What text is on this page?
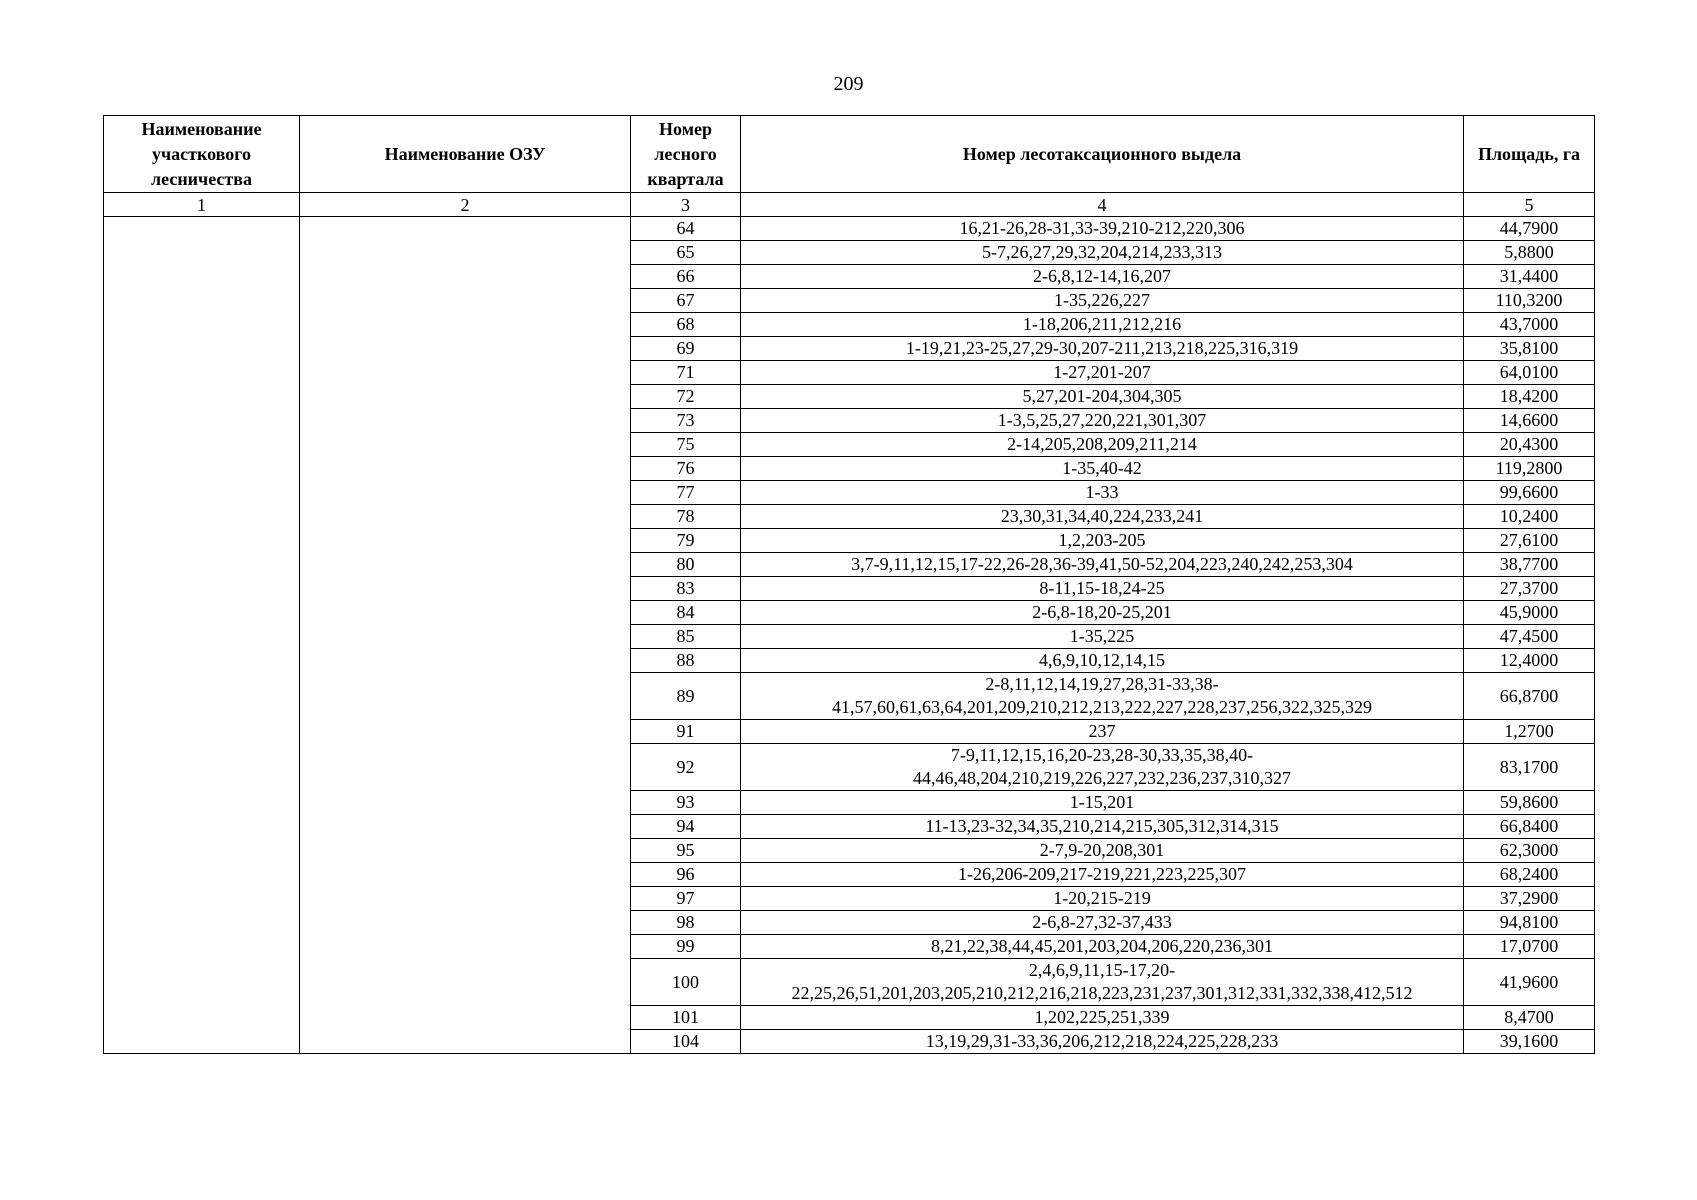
209
Наименование участкового лесничества	Наименование ОЗУ	Номер лесного квартала	Номер лесотаксационного выдела	Площадь, га
1	2	3	4	5
		64	16,21-26,28-31,33-39,210-212,220,306	44,7900
		65	5-7,26,27,29,32,204,214,233,313	5,8800
		66	2-6,8,12-14,16,207	31,4400
		67	1-35,226,227	110,3200
		68	1-18,206,211,212,216	43,7000
		69	1-19,21,23-25,27,29-30,207-211,213,218,225,316,319	35,8100
		71	1-27,201-207	64,0100
		72	5,27,201-204,304,305	18,4200
		73	1-3,5,25,27,220,221,301,307	14,6600
		75	2-14,205,208,209,211,214	20,4300
		76	1-35,40-42	119,2800
		77	1-33	99,6600
		78	23,30,31,34,40,224,233,241	10,2400
		79	1,2,203-205	27,6100
		80	3,7-9,11,12,15,17-22,26-28,36-39,41,50-52,204,223,240,242,253,304	38,7700
		83	8-11,15-18,24-25	27,3700
		84	2-6,8-18,20-25,201	45,9000
		85	1-35,225	47,4500
		88	4,6,9,10,12,14,15	12,4000
		89	2-8,11,12,14,19,27,28,31-33,38-
41,57,60,61,63,64,201,209,210,212,213,222,227,228,237,256,322,325,329	66,8700
		91	237	1,2700
		92	7-9,11,12,15,16,20-23,28-30,33,35,38,40-
44,46,48,204,210,219,226,227,232,236,237,310,327	83,1700
		93	1-15,201	59,8600
		94	11-13,23-32,34,35,210,214,215,305,312,314,315	66,8400
		95	2-7,9-20,208,301	62,3000
		96	1-26,206-209,217-219,221,223,225,307	68,2400
		97	1-20,215-219	37,2900
		98	2-6,8-27,32-37,433	94,8100
		99	8,21,22,38,44,45,201,203,204,206,220,236,301	17,0700
		100	2,4,6,9,11,15-17,20-
22,25,26,51,201,203,205,210,212,216,218,223,231,237,301,312,331,332,338,412,512	41,9600
		101	1,202,225,251,339	8,4700
		104	13,19,29,31-33,36,206,212,218,224,225,228,233	39,1600
